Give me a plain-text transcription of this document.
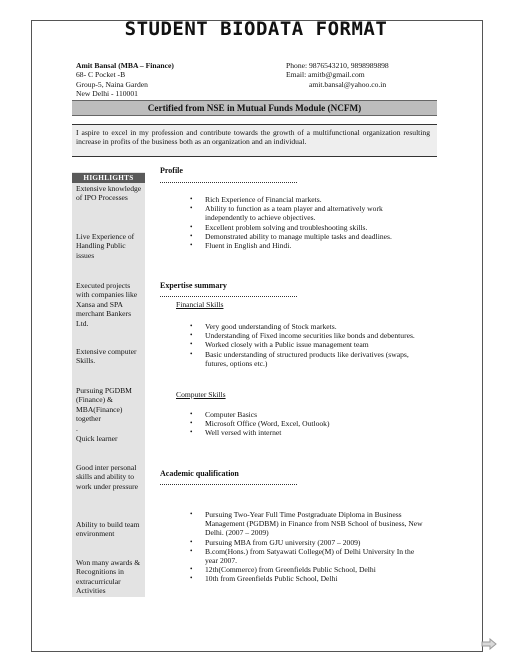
STUDENT BIODATA FORMAT
Amit Bansal (MBA – Finance)
68- C Pocket -B
Group-5, Naina Garden
New Delhi - 110001
Phone: 9876543210, 9898989898
Email: amitb@gmail.com
amit.bansal@yahoo.co.in
Certified from NSE in Mutual Funds Module (NCFM)
I aspire to excel in my profession and contribute towards the growth of a multifunctional organization resulting increase in profits of the business both as an organization and an individual.
HIGHLIGHTS
Extensive knowledge of IPO Processes
Live Experience of Handling Public issues
Executed projects with companies like Xansa and SPA merchant Bankers Ltd.
Extensive computer Skills.
Pursuing PGDBM (Finance) & MBA(Finance) together
.
Quick learner
Good inter personal skills and ability to work under pressure
Ability to build team environment
Won many awards & Recognitions in extracurricular Activities
Profile
• Rich Experience of Financial markets.
• Ability to function as a team player and alternatively work independently to achieve objectives.
• Excellent problem solving and troubleshooting skills.
• Demonstrated ability to manage multiple tasks and deadlines.
• Fluent in English and Hindi.
Expertise summary
Financial Skills
• Very good understanding of Stock markets.
• Understanding of Fixed income securities like bonds and debentures.
• Worked closely with a Public issue management team
• Basic understanding of structured products like derivatives (swaps, futures, options etc.)
Computer Skills
• Computer Basics
• Microsoft Office (Word, Excel, Outlook)
• Well versed with internet
Academic qualification
• Pursuing Two-Year Full Time Postgraduate Diploma in Business Management (PGDBM) in Finance from NSB School of business, New Delhi. (2007 – 2009)
• Pursuing MBA from GJU university (2007 – 2009)
• B.com(Hons.) from Satyawati College(M) of Delhi University In the year 2007.
• 12th(Commerce) from Greenfields Public School, Delhi
• 10th from Greenfields Public School, Delhi
